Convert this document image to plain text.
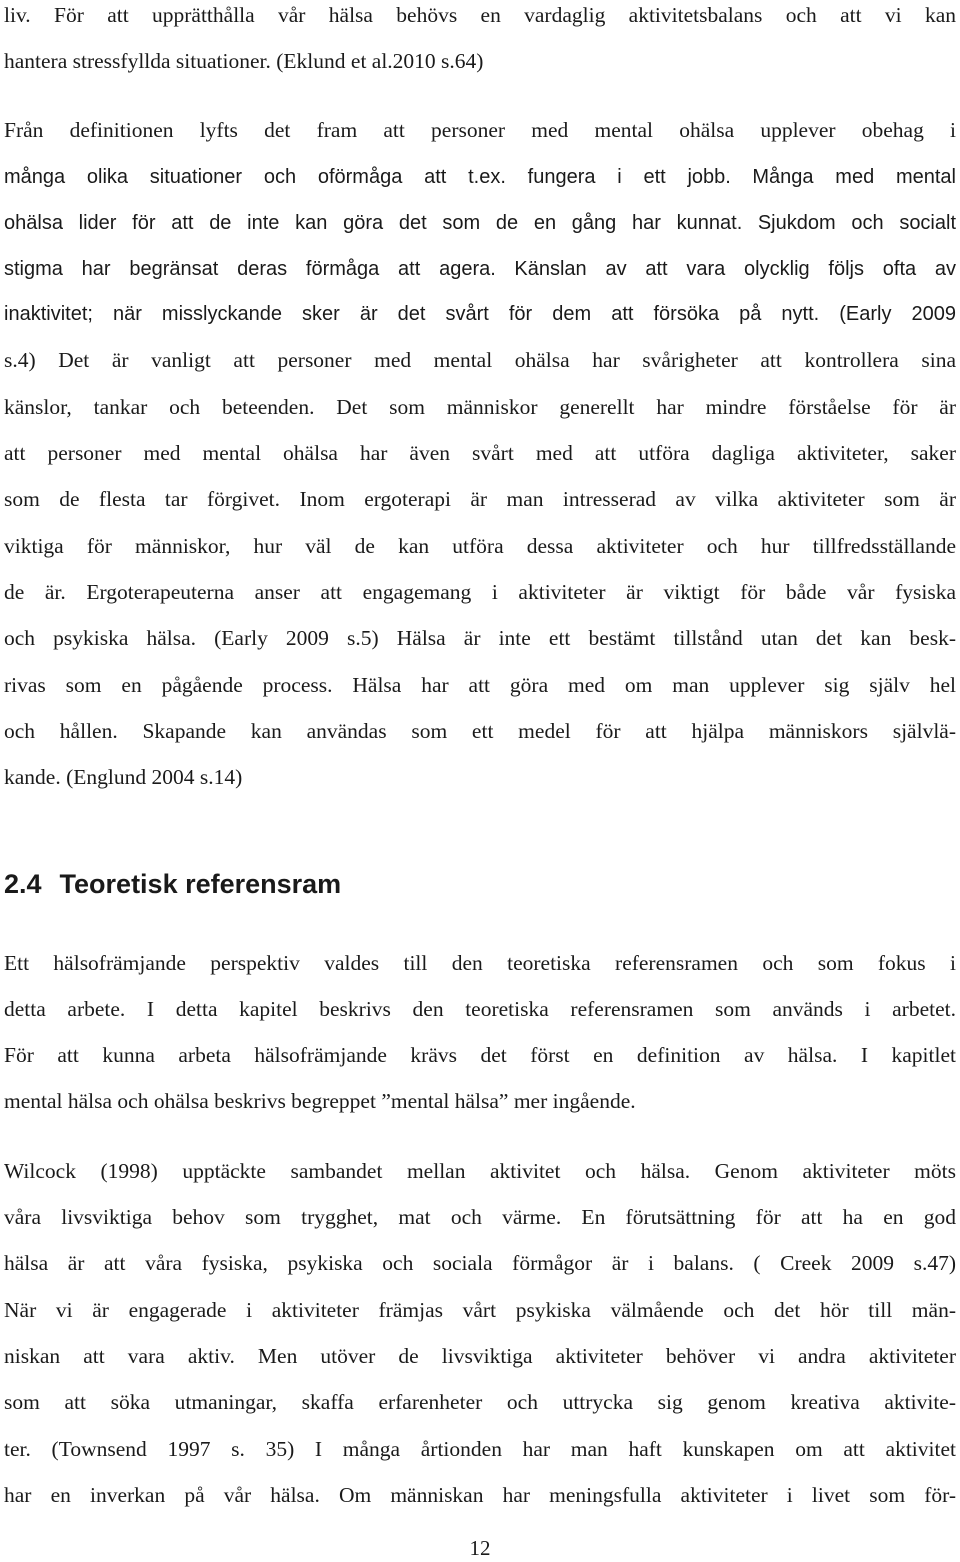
liv. För att upprätthålla vår hälsa behövs en vardaglig aktivitetsbalans och att vi kan
hantera stressfyllda situationer. (Eklund et al.2010 s.64)
Från definitionen lyfts det fram att personer med mental ohälsa upplever obehag i
många olika situationer och oförmåga att t.ex. fungera i ett jobb. Många med mental
ohälsa lider för att de inte kan göra det som de en gång har kunnat. Sjukdom och socialt
stigma har begränsat deras förmåga att agera. Känslan av att vara olycklig följs ofta av
inaktivitet; när misslyckande sker är det svårt för dem att försöka på nytt. (Early 2009
s.4) Det är vanligt att personer med mental ohälsa har svårigheter att kontrollera sina
känslor, tankar och beteenden. Det som människor generellt har mindre förståelse för är
att personer med mental ohälsa har även svårt med att utföra dagliga aktiviteter, saker
som de flesta tar förgivet. Inom ergoterapi är man intresserad av vilka aktiviteter som är
viktiga för människor, hur väl de kan utföra dessa aktiviteter och hur tillfredsställande
de är. Ergoterapeuterna anser att engagemang i aktiviteter är viktigt för både vår fysiska
och psykiska hälsa. (Early 2009 s.5) Hälsa är inte ett bestämt tillstånd utan det kan besk-
rivas som en pågående process. Hälsa har att göra med om man upplever sig själv hel
och hållen. Skapande kan användas som ett medel för att hjälpa människors självlä-
kande. (Englund 2004 s.14)
2.4 Teoretisk referensram
Ett hälsofrämjande perspektiv valdes till den teoretiska referensramen och som fokus i
detta arbete. I detta kapitel beskrivs den teoretiska referensramen som används i arbetet.
För att kunna arbeta hälsofrämjande krävs det först en definition av hälsa. I kapitlet
mental hälsa och ohälsa beskrivs begreppet ”mental hälsa” mer ingående.
Wilcock (1998) upptäckte sambandet mellan aktivitet och hälsa. Genom aktiviteter möts
våra livsviktiga behov som trygghet, mat och värme. En förutsättning för att ha en god
hälsa är att våra fysiska, psykiska och sociala förmågor är i balans. ( Creek 2009 s.47)
När vi är engagerade i aktiviteter främjas vårt psykiska välmående och det hör till män-
niskan att vara aktiv. Men utöver de livsviktiga aktiviteter behöver vi andra aktiviteter
som att söka utmaningar, skaffa erfarenheter och uttrycka sig genom kreativa aktivite-
ter. (Townsend 1997 s. 35) I många årtionden har man haft kunskapen om att aktivitet
har en inverkan på vår hälsa. Om människan har meningsfulla aktiviteter i livet som för-
12
